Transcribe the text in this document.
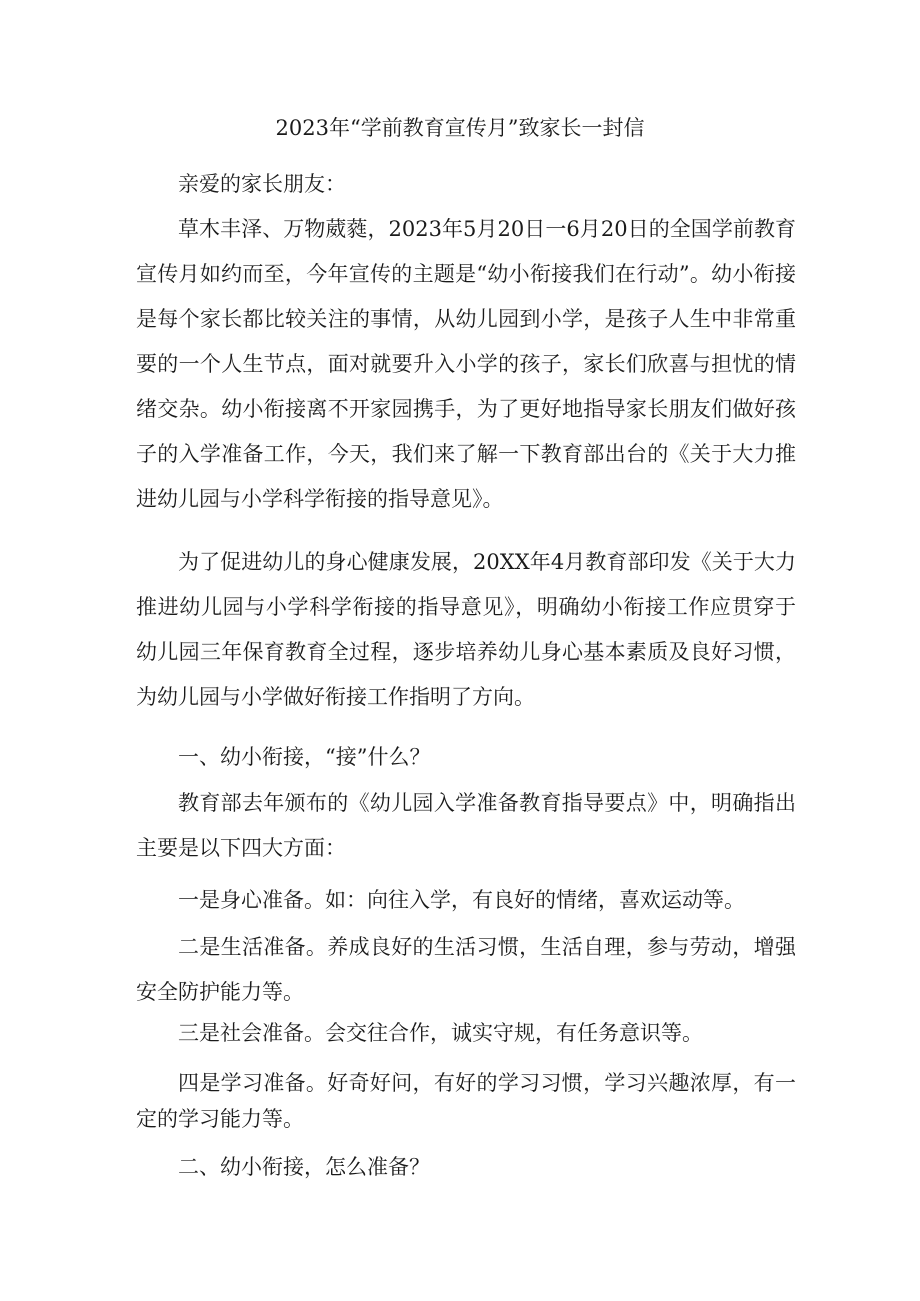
2023年“学前教育宣传月”致家长一封信

亲爱的家长朋友：

草木丰泽、万物葳蕤，2023年5月20日一6月20日的全国学前教育宣传月如约而至，今年宣传的主题是“幼小衔接我们在行动”。幼小衔接是每个家长都比较关注的事情，从幼儿园到小学，是孩子人生中非常重要的一个人生节点，面对就要升入小学的孩子，家长们欣喜与担忧的情绪交杂。幼小衔接离不开家园携手，为了更好地指导家长朋友们做好孩子的入学准备工作，今天，我们来了解一下教育部出台的《关于大力推进幼儿园与小学科学衔接的指导意见》。

为了促进幼儿的身心健康发展，20XX年4月教育部印发《关于大力推进幼儿园与小学科学衔接的指导意见》，明确幼小衔接工作应贯穿于幼儿园三年保育教育全过程，逐步培养幼儿身心基本素质及良好习惯，为幼儿园与小学做好衔接工作指明了方向。

一、幼小衔接，“接”什么？

教育部去年颁布的《幼儿园入学准备教育指导要点》中，明确指出主要是以下四大方面：

一是身心准备。如：向往入学，有良好的情绪，喜欢运动等。

二是生活准备。养成良好的生活习惯，生活自理，参与劳动，增强安全防护能力等。

三是社会准备。会交往合作，诚实守规，有任务意识等。

四是学习准备。好奇好问，有好的学习习惯，学习兴趣浓厚，有一定的学习能力等。

二、幼小衔接，怎么准备？
